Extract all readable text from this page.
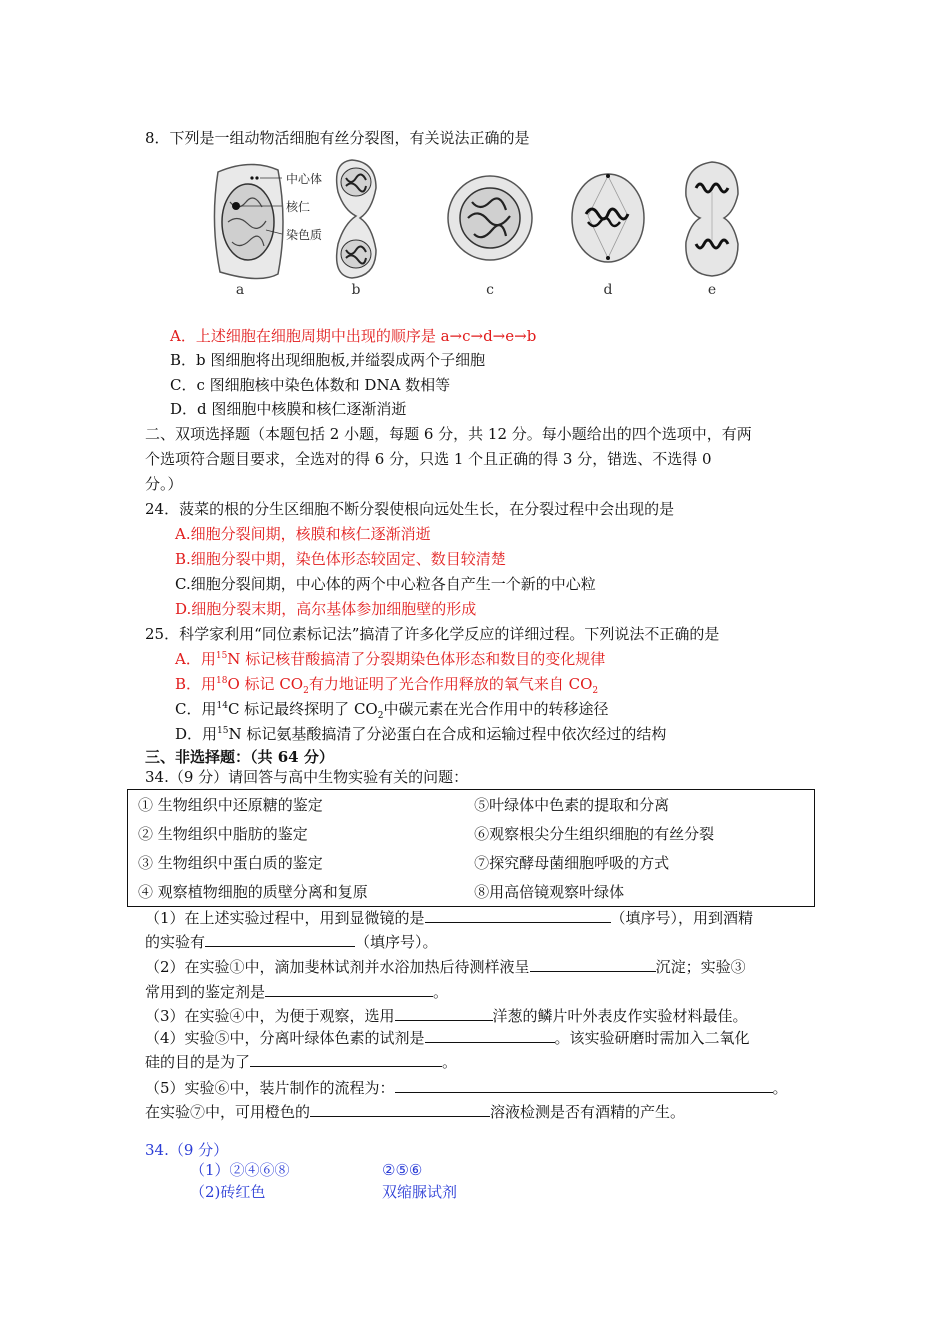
8．下列是一组动物活细胞有丝分裂图，有关说法正确的是
中心体
核仁
染色质
a	b	c	d	e
A．上述细胞在细胞周期中出现的顺序是 a→c→d→e→b
B．b 图细胞将出现细胞板,并缢裂成两个子细胞
C．c 图细胞核中染色体数和 DNA 数相等
D．d 图细胞中核膜和核仁逐渐消逝
二、双项选择题（本题包括 2 小题，每题 6 分，共 12 分。每小题给出的四个选项中，有两
个选项符合题目要求，全选对的得 6 分，只选 1 个且正确的得 3 分，错选、不选得 0
分。）
24．菠菜的根的分生区细胞不断分裂使根向远处生长，在分裂过程中会出现的是
A.细胞分裂间期，核膜和核仁逐渐消逝
B.细胞分裂中期，染色体形态较固定、数目较清楚
C.细胞分裂间期，中心体的两个中心粒各自产生一个新的中心粒
D.细胞分裂末期，高尔基体参加细胞壁的形成
25．科学家利用“同位素标记法”搞清了许多化学反应的详细过程。下列说法不正确的是
A．用$^{15}$N 标记核苷酸搞清了分裂期染色体形态和数目的变化规律
B．用$^{18}$O 标记 $CO_2$有力地证明了光合作用释放的氧气来自 $CO_2$
C．用$^{14}$C 标记最终探明了 $CO_2$中碳元素在光合作用中的转移途径
D．用$^{15}$N 标记氨基酸搞清了分泌蛋白在合成和运输过程中依次经过的结构
三、非选择题：（共 64 分）
34.（9 分）请回答与高中生物实验有关的问题：
① 生物组织中还原糖的鉴定	⑤叶绿体中色素的提取和分离
② 生物组织中脂肪的鉴定	⑥观察根尖分生组织细胞的有丝分裂
③ 生物组织中蛋白质的鉴定	⑦探究酵母菌细胞呼吸的方式
④ 观察植物细胞的质壁分离和复原	⑧用高倍镜观察叶绿体
（1）在上述实验过程中，用到显微镜的是	（填序号），用到酒精
的实验有	（填序号）。
（2）在实验①中，滴加斐林试剂并水浴加热后待测样液呈	沉淀；实验③
常用到的鉴定剂是	。
（3）在实验④中，为便于观察，选用	洋葱的鳞片叶外表皮作实验材料最佳。
（4）实验⑤中，分离叶绿体色素的试剂是	。该实验研磨时需加入二氧化
硅的目的是为了	。
（5）实验⑥中，装片制作的流程为：	。
在实验⑦中，可用橙色的	溶液检测是否有酒精的产生。
34.（9 分）
（1）②④⑥⑧	②⑤⑥
（2)砖红色	双缩脲试剂
